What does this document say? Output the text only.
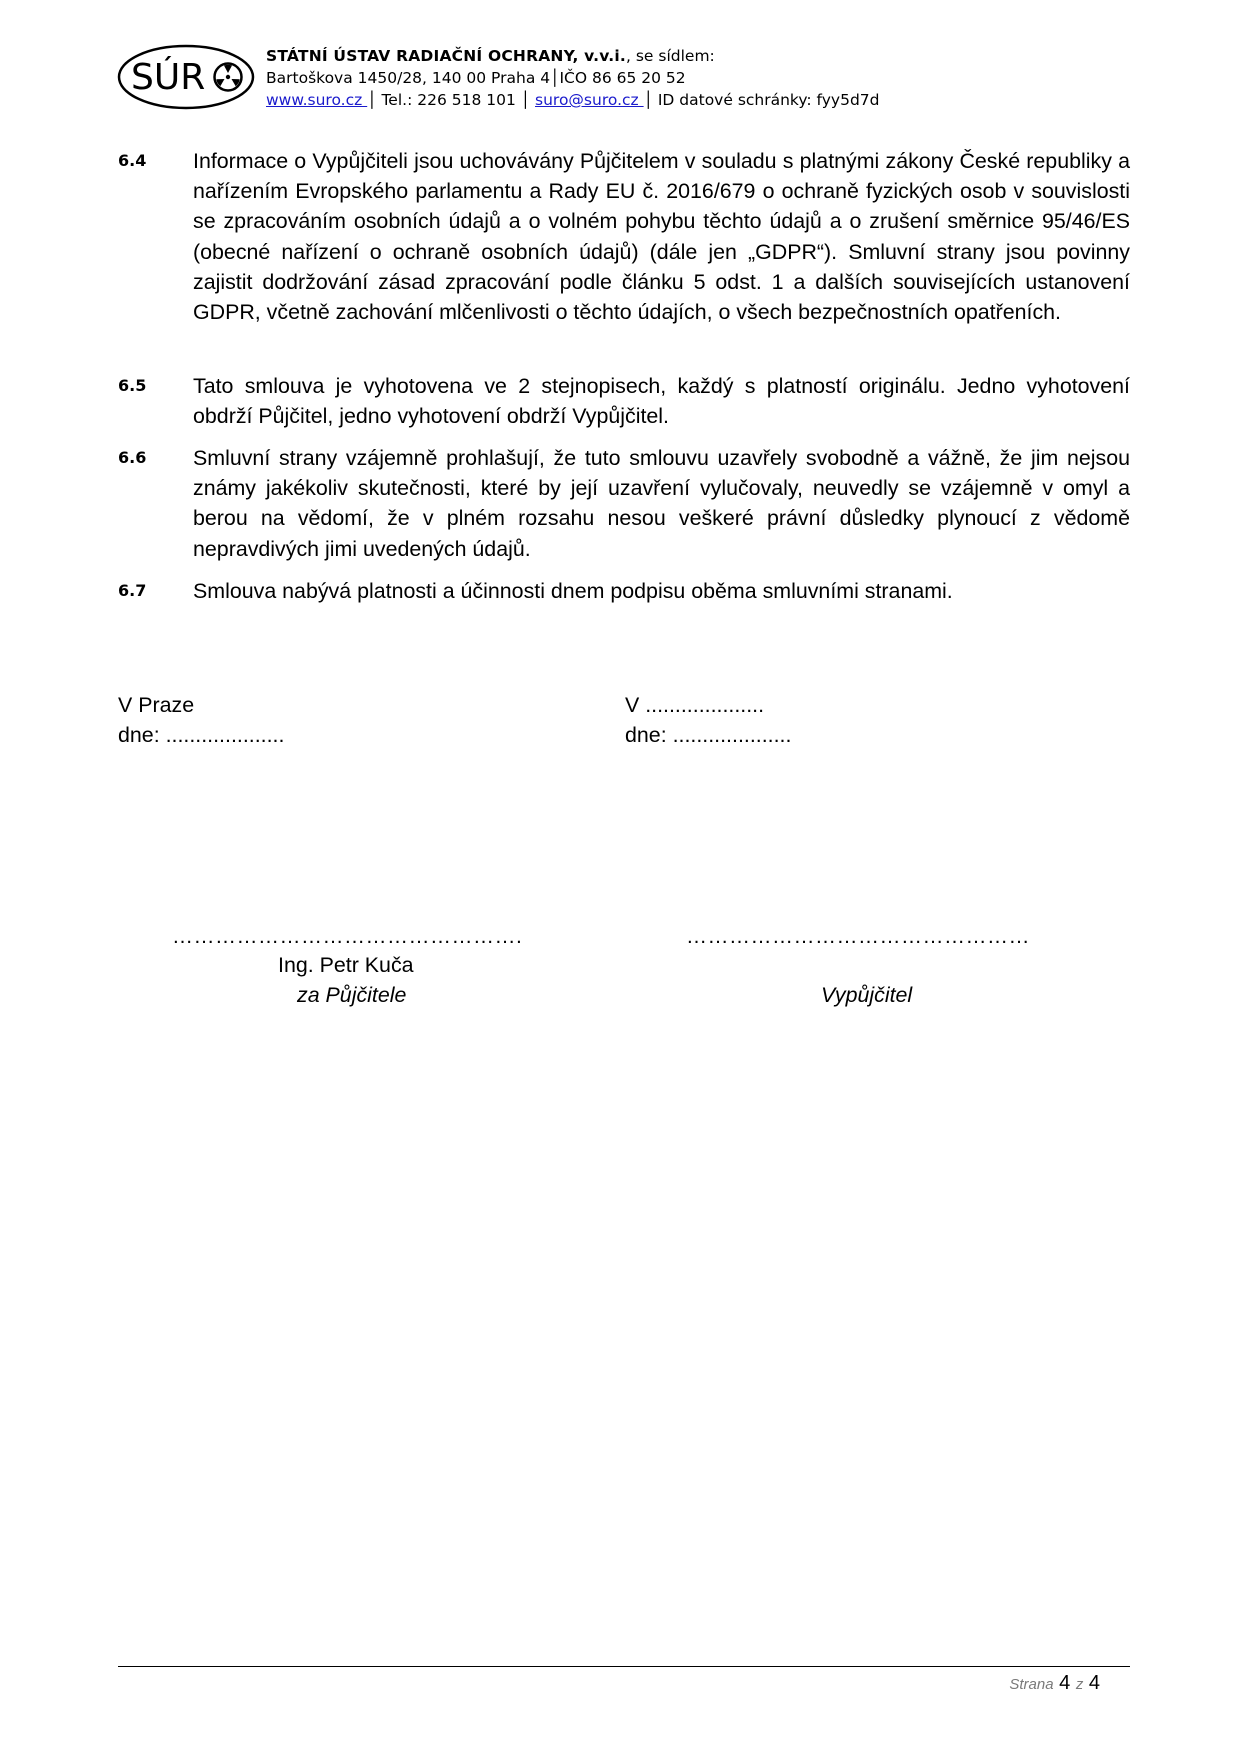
SÚR
STÁTNÍ ÚSTAV RADIAČNÍ OCHRANY, v.v.i., se sídlem:
Bartoškova 1450/28, 140 00 Praha 4│IČO 86 65 20 52
www.suro.cz │ Tel.: 226 518 101 │ suro@suro.cz │ ID datové schránky: fyy5d7d
6.4 Informace o Vypůjčiteli jsou uchovávány Půjčitelem v souladu s platnými zákony České republiky a nařízením Evropského parlamentu a Rady EU č. 2016/679 o ochraně fyzických osob v souvislosti se zpracováním osobních údajů a o volném pohybu těchto údajů a o zrušení směrnice 95/46/ES (obecné nařízení o ochraně osobních údajů) (dále jen „GDPR“). Smluvní strany jsou povinny zajistit dodržování zásad zpracování podle článku 5 odst. 1 a dalších souvisejících ustanovení GDPR, včetně zachování mlčenlivosti o těchto údajích, o všech bezpečnostních opatřeních.
6.5 Tato smlouva je vyhotovena ve 2 stejnopisech, každý s platností originálu. Jedno vyhotovení obdrží Půjčitel, jedno vyhotovení obdrží Vypůjčitel.
6.6 Smluvní strany vzájemně prohlašují, že tuto smlouvu uzavřely svobodně a vážně, že jim nejsou známy jakékoliv skutečnosti, které by její uzavření vylučovaly, neuvedly se vzájemně v omyl a berou na vědomí, že v plném rozsahu nesou veškeré právní důsledky plynoucí z vědomě nepravdivých jimi uvedených údajů.
6.7 Smlouva nabývá platnosti a účinnosti dnem podpisu oběma smluvními stranami.
V Praze
dne: ....................
V ....................
dne: ....................
………………………………………….	…………………………………………
Ing. Petr Kuča
za Půjčitele	Vypůjčitel
Strana 4 z 4
